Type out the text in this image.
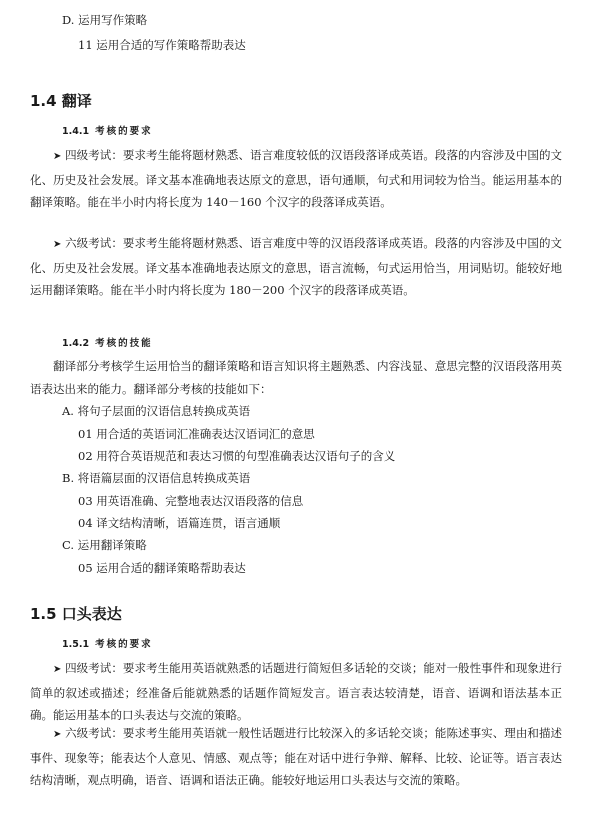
D. 运用写作策略
11 运用合适的写作策略帮助表达
1.4 翻译
1.4.1 考核的要求
➤ 四级考试：要求考生能将题材熟悉、语言难度较低的汉语段落译成英语。段落的内容涉及中国的文化、历史及社会发展。译文基本准确地表达原文的意思，语句通顺，句式和用词较为恰当。能运用基本的翻译策略。能在半小时内将长度为 140－160 个汉字的段落译成英语。
➤ 六级考试：要求考生能将题材熟悉、语言难度中等的汉语段落译成英语。段落的内容涉及中国的文化、历史及社会发展。译文基本准确地表达原文的意思，语言流畅，句式运用恰当，用词贴切。能较好地运用翻译策略。能在半小时内将长度为 180－200 个汉字的段落译成英语。
1.4.2 考核的技能
翻译部分考核学生运用恰当的翻译策略和语言知识将主题熟悉、内容浅显、意思完整的汉语段落用英语表达出来的能力。翻译部分考核的技能如下：
A. 将句子层面的汉语信息转换成英语
01 用合适的英语词汇准确表达汉语词汇的意思
02 用符合英语规范和表达习惯的句型准确表达汉语句子的含义
B. 将语篇层面的汉语信息转换成英语
03 用英语准确、完整地表达汉语段落的信息
04 译文结构清晰，语篇连贯，语言通顺
C. 运用翻译策略
05 运用合适的翻译策略帮助表达
1.5 口头表达
1.5.1 考核的要求
➤ 四级考试：要求考生能用英语就熟悉的话题进行简短但多话轮的交谈；能对一般性事件和现象进行简单的叙述或描述；经准备后能就熟悉的话题作简短发言。语言表达较清楚，语音、语调和语法基本正确。能运用基本的口头表达与交流的策略。
➤ 六级考试：要求考生能用英语就一般性话题进行比较深入的多话轮交谈；能陈述事实、理由和描述事件、现象等；能表达个人意见、情感、观点等；能在对话中进行争辩、解释、比较、论证等。语言表达结构清晰，观点明确，语音、语调和语法正确。能较好地运用口头表达与交流的策略。
